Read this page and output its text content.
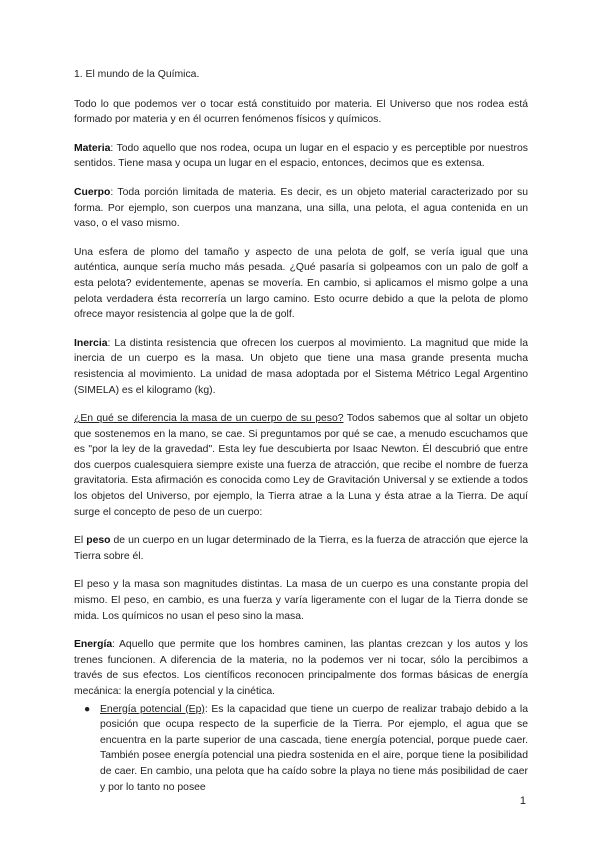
1. El mundo de la Química.

Todo lo que podemos ver o tocar está constituido por materia. El Universo que nos rodea está formado por materia y en él ocurren fenómenos físicos y químicos.

Materia: Todo aquello que nos rodea, ocupa un lugar en el espacio y es perceptible por nuestros sentidos. Tiene masa y ocupa un lugar en el espacio, entonces, decimos que es extensa.

Cuerpo: Toda porción limitada de materia. Es decir, es un objeto material caracterizado por su forma. Por ejemplo, son cuerpos una manzana, una silla, una pelota, el agua contenida en un vaso, o el vaso mismo.

Una esfera de plomo del tamaño y aspecto de una pelota de golf, se vería igual que una auténtica, aunque sería mucho más pesada. ¿Qué pasaría si golpeamos con un palo de golf a esta pelota? evidentemente, apenas se movería. En cambio, si aplicamos el mismo golpe a una pelota verdadera ésta recorrería un largo camino. Esto ocurre debido a que la pelota de plomo ofrece mayor resistencia al golpe que la de golf.

Inercia: La distinta resistencia que ofrecen los cuerpos al movimiento. La magnitud que mide la inercia de un cuerpo es la masa. Un objeto que tiene una masa grande presenta mucha resistencia al movimiento. La unidad de masa adoptada por el Sistema Métrico Legal Argentino (SIMELA) es el kilogramo (kg).

¿En qué se diferencia la masa de un cuerpo de su peso? Todos sabemos que al soltar un objeto que sostenemos en la mano, se cae. Si preguntamos por qué se cae, a menudo escuchamos que es "por la ley de la gravedad". Esta ley fue descubierta por Isaac Newton. Él descubrió que entre dos cuerpos cualesquiera siempre existe una fuerza de atracción, que recibe el nombre de fuerza gravitatoria. Esta afirmación es conocida como Ley de Gravitación Universal y se extiende a todos los objetos del Universo, por ejemplo, la Tierra atrae a la Luna y ésta atrae a la Tierra. De aquí surge el concepto de peso de un cuerpo:

El peso de un cuerpo en un lugar determinado de la Tierra, es la fuerza de atracción que ejerce la Tierra sobre él.

El peso y la masa son magnitudes distintas. La masa de un cuerpo es una constante propia del mismo. El peso, en cambio, es una fuerza y varía ligeramente con el lugar de la Tierra donde se mida. Los químicos no usan el peso sino la masa.

Energía: Aquello que permite que los hombres caminen, las plantas crezcan y los autos y los trenes funcionen. A diferencia de la materia, no la podemos ver ni tocar, sólo la percibimos a través de sus efectos. Los científicos reconocen principalmente dos formas básicas de energía mecánica: la energía potencial y la cinética.

● Energía potencial (Ep): Es la capacidad que tiene un cuerpo de realizar trabajo debido a la posición que ocupa respecto de la superficie de la Tierra. Por ejemplo, el agua que se encuentra en la parte superior de una cascada, tiene energía potencial, porque puede caer. También posee energía potencial una piedra sostenida en el aire, porque tiene la posibilidad de caer. En cambio, una pelota que ha caído sobre la playa no tiene más posibilidad de caer y por lo tanto no posee
1
